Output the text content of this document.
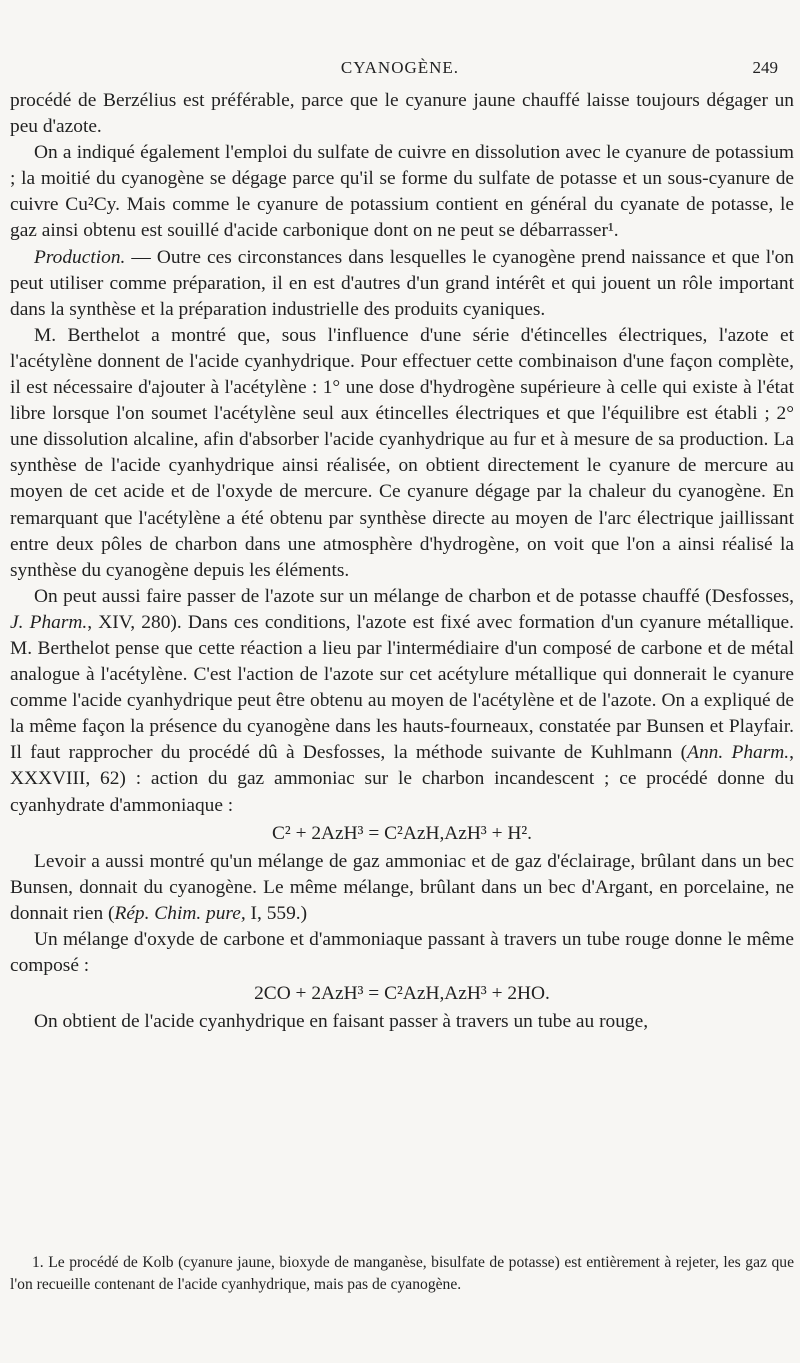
CYANOGÈNE.	249

procédé de Berzélius est préférable, parce que le cyanure jaune chauffé laisse toujours dégager un peu d'azote.

On a indiqué également l'emploi du sulfate de cuivre en dissolution avec le cyanure de potassium ; la moitié du cyanogène se dégage parce qu'il se forme du sulfate de potasse et un sous-cyanure de cuivre Cu²Cy. Mais comme le cyanure de potassium contient en général du cyanate de potasse, le gaz ainsi obtenu est souillé d'acide carbonique dont on ne peut se débarrasser¹.

Production. — Outre ces circonstances dans lesquelles le cyanogène prend naissance et que l'on peut utiliser comme préparation, il en est d'autres d'un grand intérêt et qui jouent un rôle important dans la synthèse et la préparation industrielle des produits cyaniques.

M. Berthelot a montré que, sous l'influence d'une série d'étincelles électriques, l'azote et l'acétylène donnent de l'acide cyanhydrique. Pour effectuer cette combinaison d'une façon complète, il est nécessaire d'ajouter à l'acétylène : 1° une dose d'hydrogène supérieure à celle qui existe à l'état libre lorsque l'on soumet l'acétylène seul aux étincelles électriques et que l'équilibre est établi ; 2° une dissolution alcaline, afin d'absorber l'acide cyanhydrique au fur et à mesure de sa production. La synthèse de l'acide cyanhydrique ainsi réalisée, on obtient directement le cyanure de mercure au moyen de cet acide et de l'oxyde de mercure. Ce cyanure dégage par la chaleur du cyanogène. En remarquant que l'acétylène a été obtenu par synthèse directe au moyen de l'arc électrique jaillissant entre deux pôles de charbon dans une atmosphère d'hydrogène, on voit que l'on a ainsi réalisé la synthèse du cyanogène depuis les éléments.

On peut aussi faire passer de l'azote sur un mélange de charbon et de potasse chauffé (Desfosses, J. Pharm., XIV, 280). Dans ces conditions, l'azote est fixé avec formation d'un cyanure métallique. M. Berthelot pense que cette réaction a lieu par l'intermédiaire d'un composé de carbone et de métal analogue à l'acétylène. C'est l'action de l'azote sur cet acétylure métallique qui donnerait le cyanure comme l'acide cyanhydrique peut être obtenu au moyen de l'acétylène et de l'azote. On a expliqué de la même façon la présence du cyanogène dans les hauts-fourneaux, constatée par Bunsen et Playfair. Il faut rapprocher du procédé dû à Desfosses, la méthode suivante de Kuhlmann (Ann. Pharm., XXXVIII, 62) : action du gaz ammoniac sur le charbon incandescent ; ce procédé donne du cyanhydrate d'ammoniaque :

C² + 2AzH³ = C²AzH,AzH³ + H².

Levoir a aussi montré qu'un mélange de gaz ammoniac et de gaz d'éclairage, brûlant dans un bec Bunsen, donnait du cyanogène. Le même mélange, brûlant dans un bec d'Argant, en porcelaine, ne donnait rien (Rép. Chim. pure, I, 559.)

Un mélange d'oxyde de carbone et d'ammoniaque passant à travers un tube rouge donne le même composé :

2CO + 2AzH³ = C²AzH,AzH³ + 2HO.

On obtient de l'acide cyanhydrique en faisant passer à travers un tube au rouge,

1. Le procédé de Kolb (cyanure jaune, bioxyde de manganèse, bisulfate de potasse) est entièrement à rejeter, les gaz que l'on recueille contenant de l'acide cyanhydrique, mais pas de cyanogène.
